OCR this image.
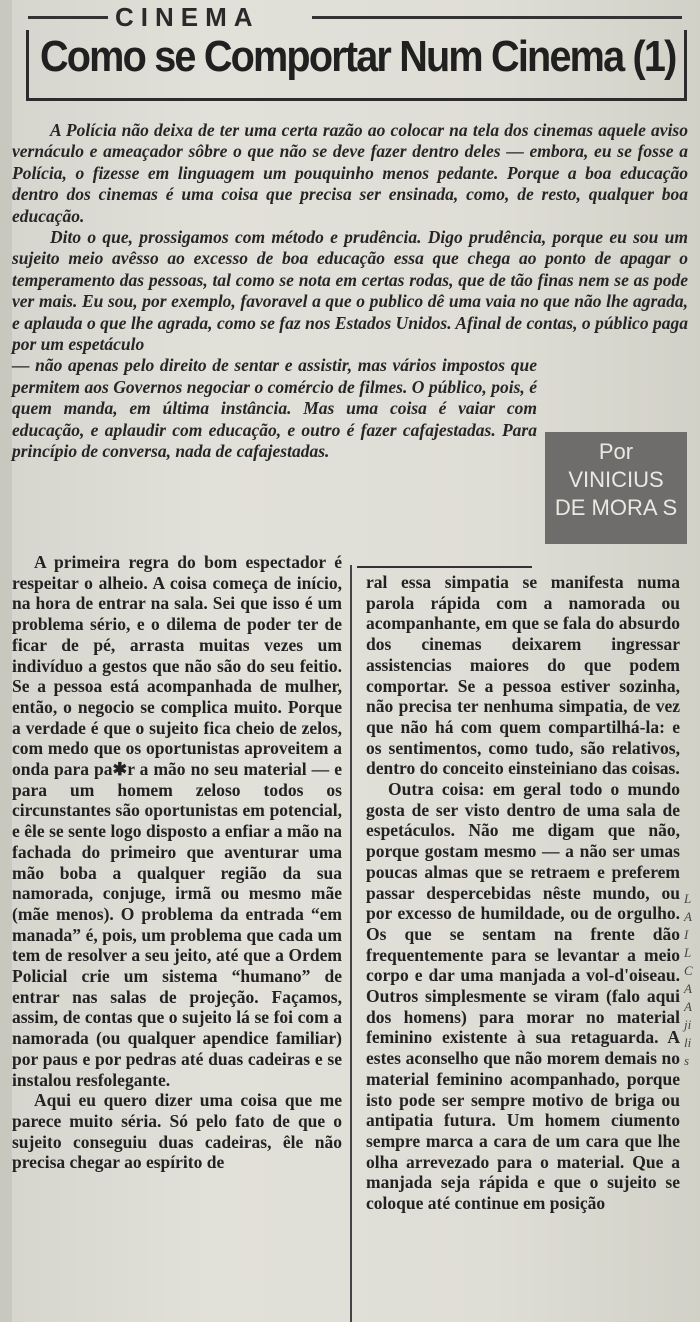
CINEMA
Como se Comportar Num Cinema (1)

A Polícia não deixa de ter uma certa razão ao colocar na tela dos cinemas aquele aviso vernáculo e ameaçador sôbre o que não se deve fazer dentro deles — embora, eu se fosse a Polícia, o fizesse em linguagem um pouquinho menos pedante. Porque a boa educação dentro dos cinemas é uma coisa que precisa ser ensinada, como, de resto, qualquer boa educação.

Dito o que, prossigamos com método e prudência. Digo prudência, porque eu sou um sujeito meio avêsso ao excesso de boa educação essa que chega ao ponto de apagar o temperamento das pessoas, tal como se nota em certas rodas, que de tão finas nem se as pode ver mais. Eu sou, por exemplo, favoravel a que o publico dê uma vaia no que não lhe agrada, e aplauda o que lhe agrada, como se faz nos Estados Unidos. Afinal de contas, o público paga por um espetáculo

— não apenas pelo direito de sentar e assistir, mas vários impostos que permitem aos Governos negociar o comércio de filmes. O público, pois, é quem manda, em última instância. Mas uma coisa é vaiar com educação, e aplaudir com educação, e outro é fazer cafajestadas. Para princípio de conversa, nada de cafajestadas.	Por
VINICIUS
DE MORA S

A primeira regra do bom espectador é respeitar o alheio. A coisa começa de início, na hora de entrar na sala. Sei que isso é um problema sério, e o dilema de poder ter de ficar de pé, arrasta muitas vezes um indivíduo a gestos que não são do seu feitio. Se a pessoa está acompanhada de mulher, então, o negocio se complica muito. Porque a verdade é que o sujeito fica cheio de zelos, com medo que os oportunistas aproveitem a onda para pa⁠✱r a mão no seu material — e para um homem zeloso todos os circunstantes são oportunistas em potencial, e êle se sente logo disposto a enfiar a mão na fachada do primeiro que aventurar uma mão boba a qualquer região da sua namorada, conjuge, irmã ou mesmo mãe (mãe menos). O problema da entrada “em manada” é, pois, um problema que cada um tem de resolver a seu jeito, até que a Ordem Policial crie um sistema “humano” de entrar nas salas de projeção. Façamos, assim, de contas que o sujeito lá se foi com a namorada (ou qualquer apendice familiar) por paus e por pedras até duas cadeiras e se instalou resfolegante.

Aqui eu quero dizer uma coisa que me parece muito séria. Só pelo fato de que o sujeito conseguiu duas cadeiras, êle não precisa chegar ao espírito de

ral essa simpatia se manifesta numa parola rápida com a namorada ou acompanhante, em que se fala do absurdo dos cinemas deixarem ingressar assistencias maiores do que podem comportar. Se a pessoa estiver sozinha, não precisa ter nenhuma simpatia, de vez que não há com quem compartilhá-la: e os sentimentos, como tudo, são relativos, dentro do conceito einsteiniano das coisas.

Outra coisa: em geral todo o mundo gosta de ser visto dentro de uma sala de espetáculos. Não me digam que não, porque gostam mesmo — a não ser umas poucas almas que se retraem e preferem passar despercebidas nêste mundo, ou por excesso de humildade, ou de orgulho. Os que se sentam na frente dão frequentemente para se levantar a meio corpo e dar uma manjada a vol-d'oiseau. Outros simplesmente se viram (falo aqui dos homens) para morar no material feminino existente à sua retaguarda. A estes aconselho que não morem demais no material feminino acompanhado, porque isto pode ser sempre motivo de briga ou antipatia futura. Um homem ciumento sempre marca a cara de um cara que lhe olha arrevezado para o material. Que a manjada seja rápida e que o sujeito se coloque até continue em posição

L A I L C A A ji li s
